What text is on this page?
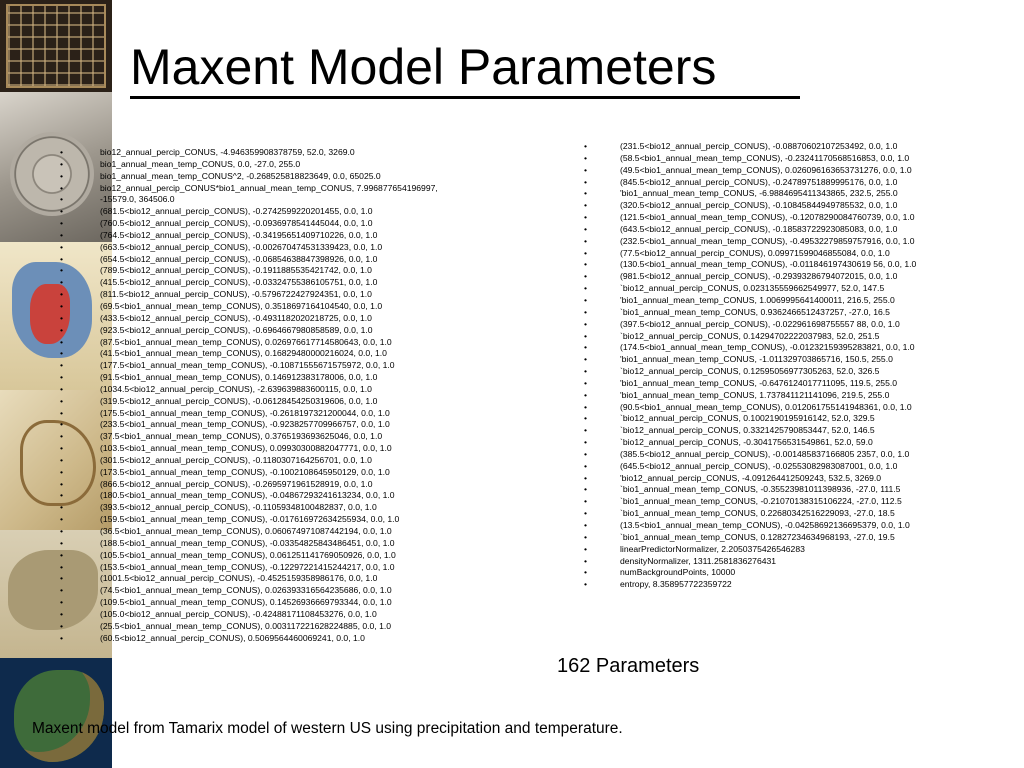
Maxent Model Parameters
• bio12_annual_percip_CONUS, -4.946359908378759, 52.0, 3269.0
• bio1_annual_mean_temp_CONUS, 0.0, -27.0, 255.0
• bio1_annual_mean_temp_CONUS^2, -0.268525818823649, 0.0, 65025.0
• bio12_annual_percip_CONUS*bio1_annual_mean_temp_CONUS, 7.996877654196997,
• -15579.0, 364506.0
• (681.5<bio12_annual_percip_CONUS), -0.2742599220201455, 0.0, 1.0
• (760.5<bio12_annual_percip_CONUS), -0.0936978541445044, 0.0, 1.0
• (764.5<bio12_annual_percip_CONUS), -0.34195651409710226, 0.0, 1.0
• (663.5<bio12_annual_percip_CONUS), -0.002670474531339423, 0.0, 1.0
• (654.5<bio12_annual_percip_CONUS), -0.06854638847398926, 0.0, 1.0
• (789.5<bio12_annual_percip_CONUS), -0.1911885535421742, 0.0, 1.0
• (415.5<bio12_annual_percip_CONUS), -0.03324755386105751, 0.0, 1.0
• (811.5<bio12_annual_percip_CONUS), -0.5796722427924351, 0.0, 1.0
• (69.5<bio1_annual_mean_temp_CONUS), 0.3518697164104540, 0.0, 1.0
• (433.5<bio12_annual_percip_CONUS), -0.4931182020218725, 0.0, 1.0
• (923.5<bio12_annual_percip_CONUS), -0.6964667980858589, 0.0, 1.0
• (87.5<bio1_annual_mean_temp_CONUS), 0.026976617714580643, 0.0, 1.0
• (41.5<bio1_annual_mean_temp_CONUS), 0.16829480000216024, 0.0, 1.0
• (177.5<bio1_annual_mean_temp_CONUS), -0.10871555671575972, 0.0, 1.0
• (91.5<bio1_annual_mean_temp_CONUS), 0.146912383178006, 0.0, 1.0
• (1034.5<bio12_annual_percip_CONUS), -2.639639883600115, 0.0, 1.0
• (319.5<bio12_annual_percip_CONUS), -0.06128454250319606, 0.0, 1.0
• (175.5<bio1_annual_mean_temp_CONUS), -0.2618197321200044, 0.0, 1.0
• (233.5<bio1_annual_mean_temp_CONUS), -0.9238257709966757, 0.0, 1.0
• (37.5<bio1_annual_mean_temp_CONUS), 0.3765193693625046, 0.0, 1.0
• (103.5<bio1_annual_mean_temp_CONUS), 0.09930300882047771, 0.0, 1.0
• (301.5<bio12_annual_percip_CONUS), -0.1180307164256701, 0.0, 1.0
• (173.5<bio1_annual_mean_temp_CONUS), -0.1002108645950129, 0.0, 1.0
• (866.5<bio12_annual_percip_CONUS), -0.2695971961528919, 0.0, 1.0
• (180.5<bio1_annual_mean_temp_CONUS), -0.04867293241613234, 0.0, 1.0
• (393.5<bio12_annual_percip_CONUS), -0.11059348100482837, 0.0, 1.0
• (159.5<bio1_annual_mean_temp_CONUS), -0.017616972634255934, 0.0, 1.0
• (36.5<bio1_annual_mean_temp_CONUS), 0.060674971087442194, 0.0, 1.0
• (188.5<bio1_annual_mean_temp_CONUS), -0.03354825843486451, 0.0, 1.0
• (105.5<bio1_annual_mean_temp_CONUS), 0.061251141769050926, 0.0, 1.0
• (153.5<bio1_annual_mean_temp_CONUS), -0.12297221415244217, 0.0, 1.0
• (1001.5<bio12_annual_percip_CONUS), -0.4525159358986176, 0.0, 1.0
• (74.5<bio1_annual_mean_temp_CONUS), 0.026393316564235686, 0.0, 1.0
• (109.5<bio1_annual_mean_temp_CONUS), 0.14526936669793344, 0.0, 1.0
• (105.0<bio12_annual_percip_CONUS), -0.42488171108453276, 0.0, 1.0
• (25.5<bio1_annual_mean_temp_CONUS), 0.003117221628224885, 0.0, 1.0
• (60.5<bio12_annual_percip_CONUS), 0.5069564460069241, 0.0, 1.0
• (231.5<bio12_annual_percip_CONUS), -0.08870602107253492, 0.0, 1.0
• (58.5<bio1_annual_mean_temp_CONUS), -0.23241170568516853, 0.0, 1.0
• (49.5<bio1_annual_mean_temp_CONUS), 0.026096163653731276, 0.0, 1.0
• (845.5<bio12_annual_percip_CONUS), -0.24789751889995176, 0.0, 1.0
• 'bio1_annual_mean_temp_CONUS, -6.9884695411343865, 232.5, 255.0
• (320.5<bio12_annual_percip_CONUS), -0.10845844949785532, 0.0, 1.0
• (121.5<bio1_annual_mean_temp_CONUS), -0.12078290084760739, 0.0, 1.0
• (643.5<bio12_annual_percip_CONUS), -0.18583722923085083, 0.0, 1.0
• (232.5<bio1_annual_mean_temp_CONUS), -0.49532279859757916, 0.0, 1.0
• (77.5<bio12_annual_percip_CONUS), 0.09971599046855084, 0.0, 1.0
• (130.5<bio1_annual_mean_temp_CONUS), -0.011846197430619 56, 0.0, 1.0
• (981.5<bio12_annual_percip_CONUS), -0.29393286794072015, 0.0, 1.0
• `bio12_annual_percip_CONUS, 0.023135559662549977, 52.0, 147.5
• 'bio1_annual_mean_temp_CONUS, 1.0069995641400011, 216.5, 255.0
• `bio1_annual_mean_temp_CONUS, 0.9362466512437257, -27.0, 16.5
• (397.5<bio12_annual_percip_CONUS), -0.022961698755557 88, 0.0, 1.0
• `bio12_annual_percip_CONUS, 0.14294702222037983, 52.0, 251.5
• (174.5<bio1_annual_mean_temp_CONUS), -0.01232159395283821, 0.0, 1.0
• 'bio1_annual_mean_temp_CONUS, -1.011329703865716, 150.5, 255.0
• `bio12_annual_percip_CONUS, 0.12595056977305263, 52.0, 326.5
• 'bio1_annual_mean_temp_CONUS, -0.6476124017711095, 119.5, 255.0
• 'bio1_annual_mean_temp_CONUS, 1.737841121141096, 219.5, 255.0
• (90.5<bio1_annual_mean_temp_CONUS), 0.012061755141948361, 0.0, 1.0
• `bio12_annual_percip_CONUS, 0.1002190195916142, 52.0, 329.5
• `bio12_annual_percip_CONUS, 0.3321425790853447, 52.0, 146.5
• `bio12_annual_percip_CONUS, -0.3041756531549861, 52.0, 59.0
• (385.5<bio12_annual_percip_CONUS), -0.001485837166805 2357, 0.0, 1.0
• (645.5<bio12_annual_percip_CONUS), -0.02553082983087001, 0.0, 1.0
• 'bio12_annual_percip_CONUS, -4.091264412509243, 532.5, 3269.0
• `bio1_annual_mean_temp_CONUS, -0.35523981011398936, -27.0, 111.5
• `bio1_annual_mean_temp_CONUS, -0.21070138315106224, -27.0, 112.5
• `bio1_annual_mean_temp_CONUS, 0.22680342516229093, -27.0, 18.5
• (13.5<bio1_annual_mean_temp_CONUS), -0.04258692136695379, 0.0, 1.0
• `bio1_annual_mean_temp_CONUS, 0.12827234634968193, -27.0, 19.5
• linearPredictorNormalizer, 2.2050375426546283
• densityNormalizer, 1311.2581836276431
• numBackgroundPoints, 10000
• entropy, 8.358957722359722
162 Parameters
Maxent model from Tamarix model of western US using precipitation and temperature.
